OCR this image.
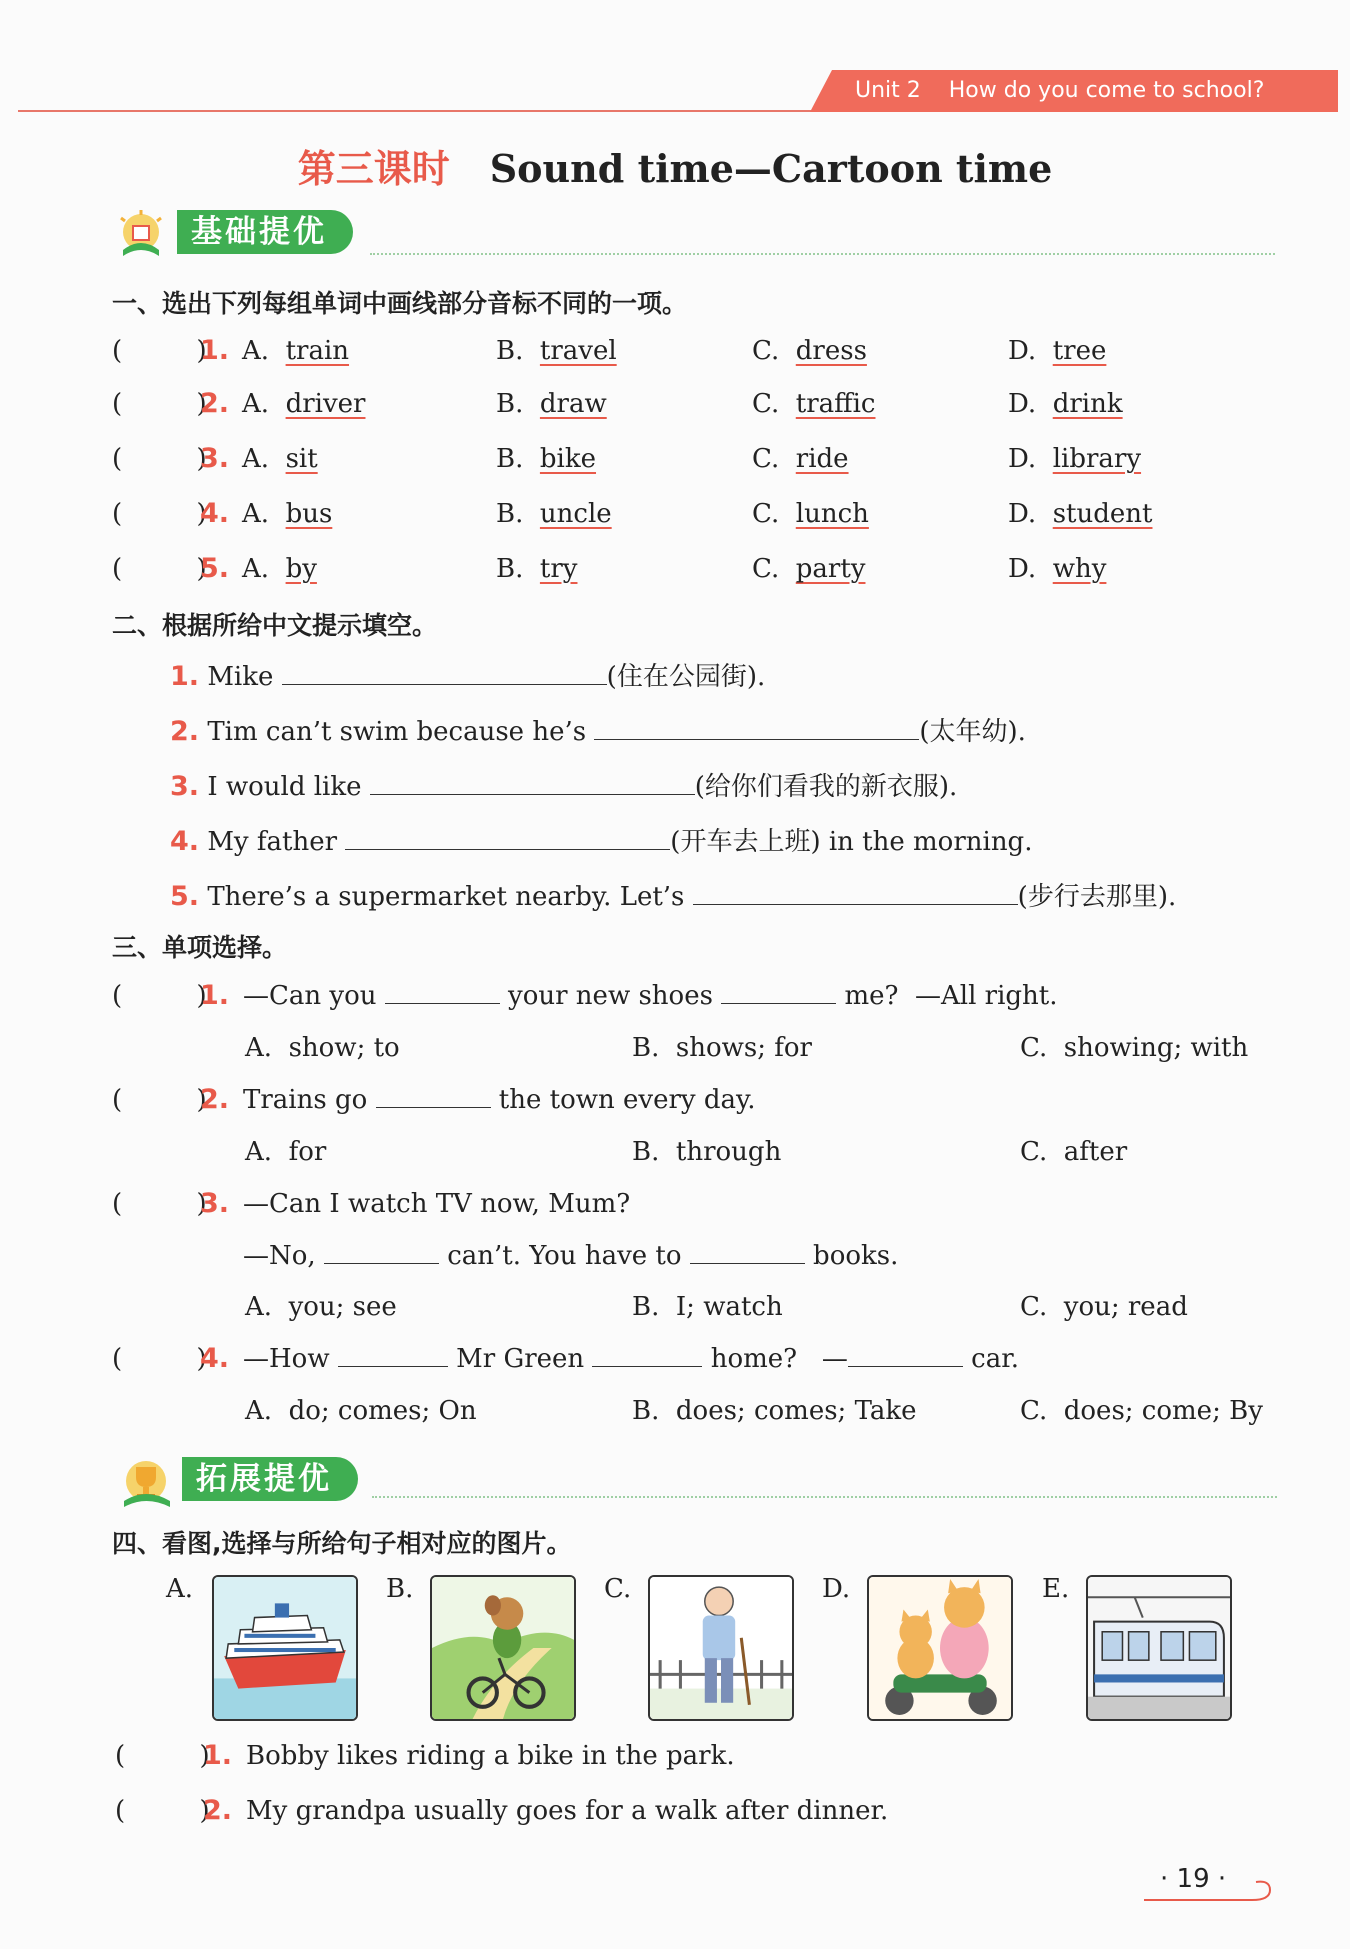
Unit 2 How do you come to school?
第三课时 Sound time—Cartoon time
基础提优
一、选出下列每组单词中画线部分音标不同的一项。
(         )
1. A.  train	B.  travel	C.  dress	D.  tree
(         )
2. A.  driver	B.  draw	C.  traffic	D.  drink
(         )
3. A.  sit	B.  bike	C.  ride	D.  library
(         )
4. A.  bus	B.  uncle	C.  lunch	D.  student
(         )
5. A.  by	B.  try	C.  party	D.  why
二、根据所给中文提示填空。
1. Mike	(住在公园街).
2. Tim can’t swim because he’s	(太年幼).
3. I would like	(给你们看我的新衣服).
4. My father	(开车去上班) in the morning.
5. There’s a supermarket nearby. Let’s	(步行去那里).
三、单项选择。
(         )
1. —Can you	your new shoes	me? —All right.
A.  show; to	B.  shows; for	C.  showing; with
(         )
2. Trains go	the town every day.
A.  for	B.  through	C.  after
(         )
3. —Can I watch TV now, Mum?
—No,	can’t. You have to	books.
A.  you; see	B.  I; watch	C.  you; read
(         )
4. —How	Mr Green	home? —	car.
A.  do; comes; On	B.  does; comes; Take	C.  does; come; By
拓展提优
四、看图,选择与所给句子相对应的图片。
A.	B.	C.	D.	E.
(         )
1. Bobby likes riding a bike in the park.
(         )
2. My grandpa usually goes for a walk after dinner.
· 19 ·
